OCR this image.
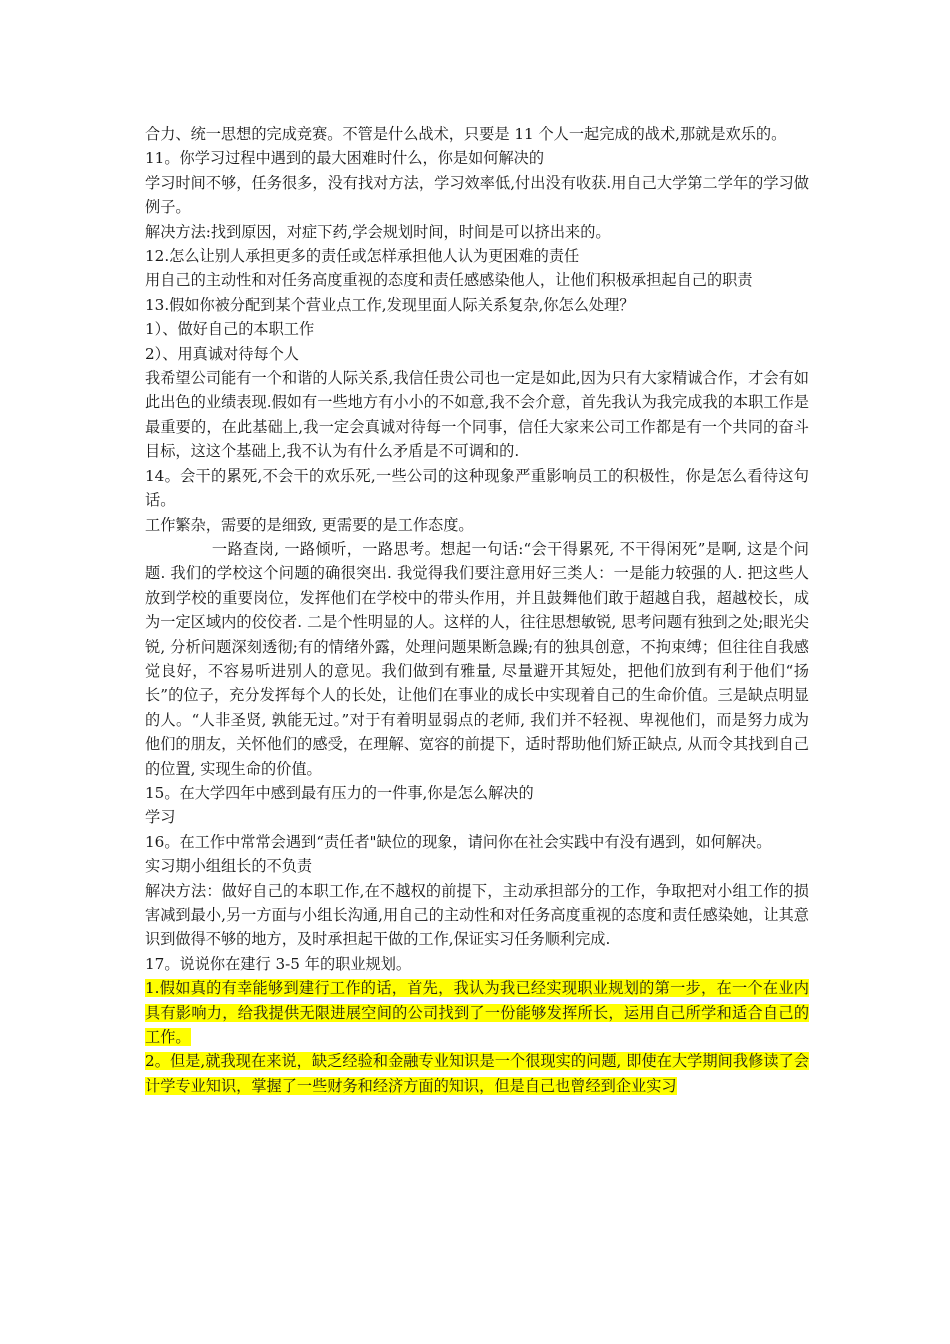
合力、统一思想的完成竞赛。不管是什么战术，只要是 11 个人一起完成的战术,那就是欢乐的。

11。你学习过程中遇到的最大困难时什么，你是如何解决的

学习时间不够，任务很多，没有找对方法，学习效率低,付出没有收获.用自己大学第二学年的学习做例子。

解决方法:找到原因，对症下药,学会规划时间，时间是可以挤出来的。

12.怎么让别人承担更多的责任或怎样承担他人认为更困难的责任

用自己的主动性和对任务高度重视的态度和责任感感染他人，让他们积极承担起自己的职责

13.假如你被分配到某个营业点工作,发现里面人际关系复杂,你怎么处理？

1）、做好自己的本职工作

2）、用真诚对待每个人

我希望公司能有一个和谐的人际关系,我信任贵公司也一定是如此,因为只有大家精诚合作，才会有如此出色的业绩表现.假如有一些地方有小小的不如意,我不会介意，首先我认为我完成我的本职工作是最重要的，在此基础上,我一定会真诚对待每一个同事，信任大家来公司工作都是有一个共同的奋斗目标，这这个基础上,我不认为有什么矛盾是不可调和的.

14。会干的累死,不会干的欢乐死,一些公司的这种现象严重影响员工的积极性，你是怎么看待这句话。

工作繁杂，需要的是细致, 更需要的是工作态度。

一路查岗, 一路倾听，一路思考。想起一句话:“会干得累死, 不干得闲死”是啊, 这是个问题. 我们的学校这个问题的确很突出. 我觉得我们要注意用好三类人：一是能力较强的人. 把这些人放到学校的重要岗位，发挥他们在学校中的带头作用，并且鼓舞他们敢于超越自我，超越校长，成为一定区域内的佼佼者. 二是个性明显的人。这样的人，往往思想敏锐, 思考问题有独到之处;眼光尖锐, 分析问题深刻透彻;有的情绪外露，处理问题果断急躁;有的独具创意，不拘束缚；但往往自我感觉良好，不容易听进别人的意见。我们做到有雅量, 尽量避开其短处，把他们放到有利于他们“扬长”的位子，充分发挥每个人的长处，让他们在事业的成长中实现着自己的生命价值。三是缺点明显的人。“人非圣贤, 孰能无过。”对于有着明显弱点的老师, 我们并不轻视、卑视他们，而是努力成为他们的朋友，关怀他们的感受，在理解、宽容的前提下，适时帮助他们矫正缺点, 从而令其找到自己的位置, 实现生命的价值。

15。在大学四年中感到最有压力的一件事,你是怎么解决的

学习

16。在工作中常常会遇到“责任者"缺位的现象，请问你在社会实践中有没有遇到，如何解决。

实习期小组组长的不负责

解决方法：做好自己的本职工作,在不越权的前提下，主动承担部分的工作，争取把对小组工作的损害减到最小,另一方面与小组长沟通,用自己的主动性和对任务高度重视的态度和责任感染她，让其意识到做得不够的地方，及时承担起干做的工作,保证实习任务顺利完成.

17。说说你在建行 3-5 年的职业规划。

1.假如真的有幸能够到建行工作的话，首先，我认为我已经实现职业规划的第一步，在一个在业内具有影响力，给我提供无限进展空间的公司找到了一份能够发挥所长，运用自己所学和适合自己的工作。

2。但是,就我现在来说，缺乏经验和金融专业知识是一个很现实的问题, 即使在大学期间我修读了会计学专业知识，掌握了一些财务和经济方面的知识，但是自己也曾经到企业实习
